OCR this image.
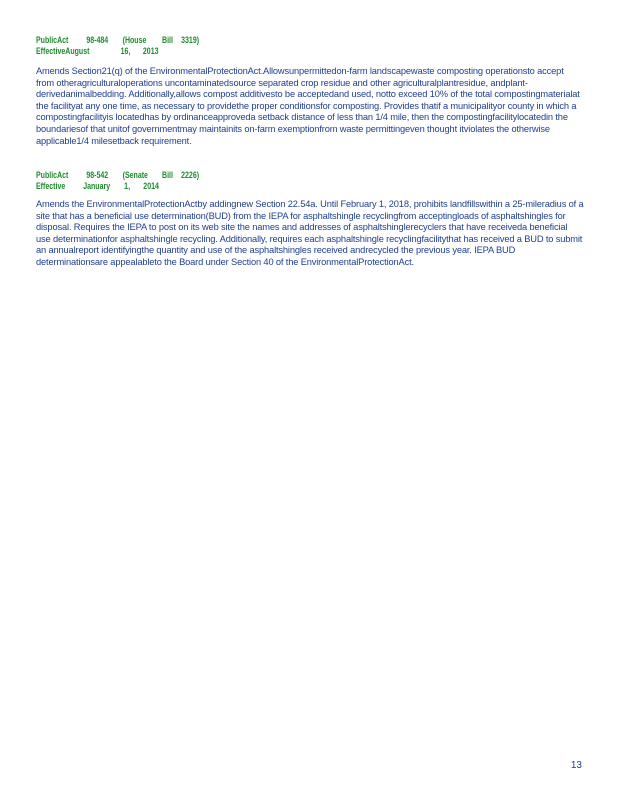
PublicAct 98-484 (House Bill 3319)
EffectiveAugust	16, 2013

Amends Section21(q) of the EnvironmentalProtectionAct.Allowsunpermittedon-farm landscapewaste composting operationsto accept from otheragriculturaloperations uncontaminatedsource separated crop residue and other agriculturalplantresidue, andplant-derivedanimalbedding. Additionally,allows compost additivesto be acceptedand used, notto exceed 10% of the total compostingmaterialat the facilityat any one time, as necessary to providethe proper conditionsfor composting. Provides thatif a municipalityor county in which a compostingfacilityis locatedhas by ordinanceapproveda setback distance of less than 1/4 mile, then the compostingfacilitylocatedin the boundariesof that unitof governmentmay maintainits on-farm exemptionfrom waste permittingeven thought itviolates the otherwise applicable1/4 milesetback requirement.

PublicAct 98-542 (Senate Bill 2226)
Effective January 1, 2014

Amends the EnvironmentalProtectionActby addingnew Section 22.54a. Until February 1, 2018, prohibits landfillswithin a 25-mileradius of a site that has a beneficial use determination(BUD) from the IEPA for asphaltshingle recyclingfrom acceptingloads of asphaltshingles for disposal. Requires the IEPA to post on its web site the names and addresses of asphaltshinglerecyclers that have receiveda beneficial use determinationfor asphaltshingle recycling. Additionally, requires each asphaltshingle recyclingfacilitythat has received a BUD to submit an annualreport identifyingthe quantity and use of the asphaltshingles received andrecycled the previous year. IEPA BUD determinationsare appealableto the Board under Section 40 of the EnvironmentalProtectionAct.

13
